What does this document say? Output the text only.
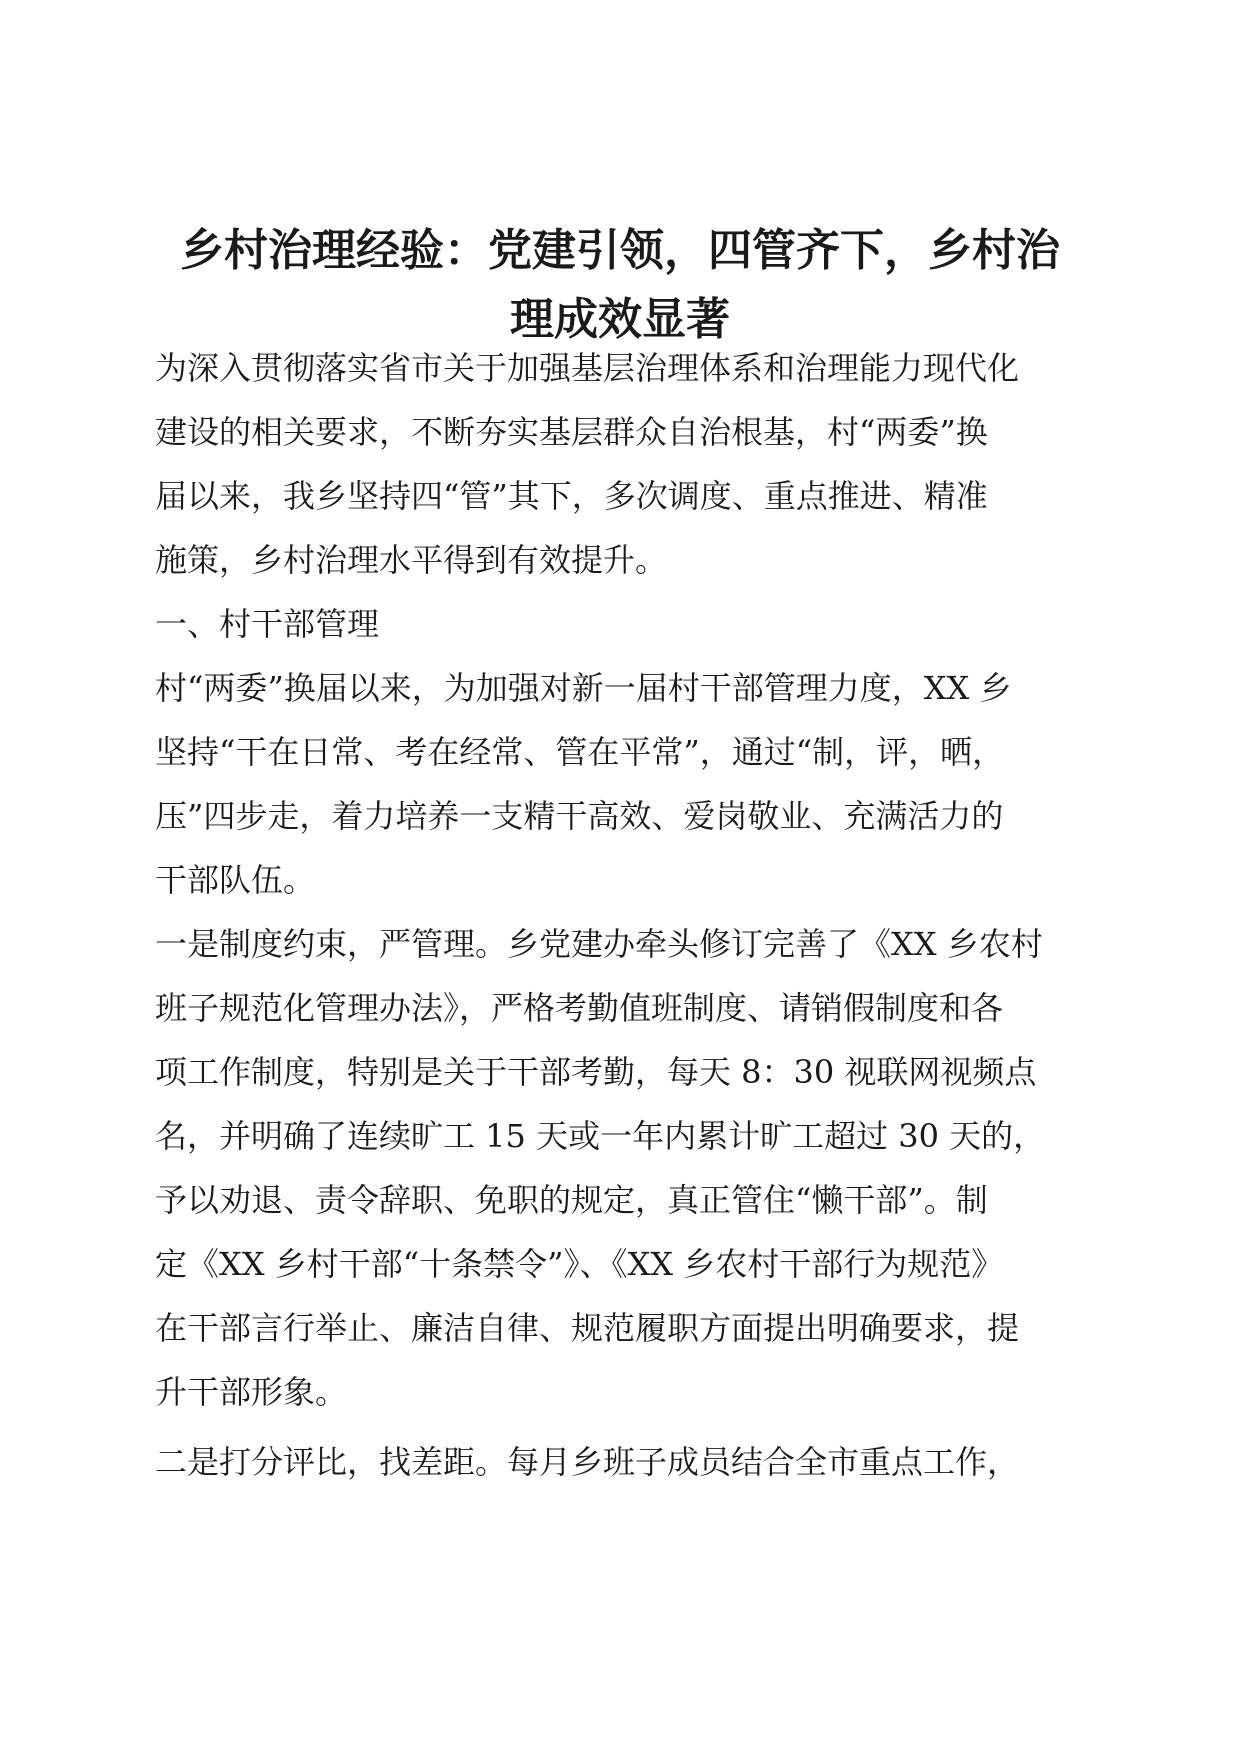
乡村治理经验：党建引领，四管齐下，乡村治
理成效显著
为深入贯彻落实省市关于加强基层治理体系和治理能力现代化
建设的相关要求，不断夯实基层群众自治根基，村“两委”换
届以来，我乡坚持四“管”其下，多次调度、重点推进、精准
施策，乡村治理水平得到有效提升。
一、村干部管理
村“两委”换届以来，为加强对新一届村干部管理力度，XX 乡
坚持“干在日常、考在经常、管在平常”，通过“制，评，晒，
压”四步走，着力培养一支精干高效、爱岗敬业、充满活力的
干部队伍。
一是制度约束，严管理。乡党建办牵头修订完善了《XX 乡农村
班子规范化管理办法》，严格考勤值班制度、请销假制度和各
项工作制度，特别是关于干部考勤，每天 8：30 视联网视频点
名，并明确了连续旷工 15 天或一年内累计旷工超过 30 天的，
予以劝退、责令辞职、免职的规定，真正管住“懒干部”。制
定《XX 乡村干部“十条禁令”》、《XX 乡农村干部行为规范》
在干部言行举止、廉洁自律、规范履职方面提出明确要求，提
升干部形象。
二是打分评比，找差距。每月乡班子成员结合全市重点工作，
